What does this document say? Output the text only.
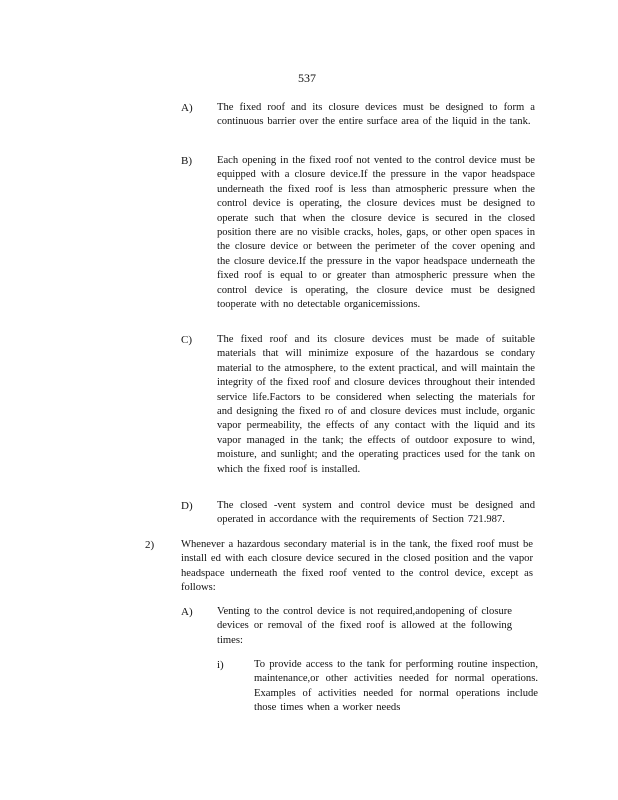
537
A) The fixed roof and its closure devices must be designed to form a continuous barrier over the entire surface area of the liquid in the tank.
B) Each opening in the fixed roof not vented to the control device must be equipped with a closure device.If the pressure in the vapor headspace underneath the fixed roof is less than atmospheric pressure when the control device is operating, the closure devices must be designed to operate such that when the closure device is secured in the closed position there are no visible cracks, holes, gaps, or other open spaces in the closure device or between the perimeter of the cover opening and the closure device.If the pressure in the vapor headspace underneath the fixed roof is equal to or greater than atmospheric pressure when the control device is operating, the closure device must be designed tooperate with no detectable organicemissions.
C) The fixed roof and its closure devices must be made of suitable materials that will minimize exposure of the hazardous se condary material to the atmosphere, to the extent practical, and will maintain the integrity of the fixed roof and closure devices throughout their intended service life.Factors to be considered when selecting the materials for and designing the fixed ro of and closure devices must include, organic vapor permeability, the effects of any contact with the liquid and its vapor managed in the tank; the effects of outdoor exposure to wind, moisture, and sunlight; and the operating practices used for the tank on which the fixed roof is installed.
D) The closed -vent system and control device must be designed and operated in accordance with the requirements of Section 721.987.
2)	Whenever a hazardous secondary material is in the tank, the fixed roof must be install ed with each closure device secured in the closed position and the vapor headspace underneath the fixed roof vented to the control device, except as follows:
A) Venting to the control device is not required,andopening of closure devices or removal of the fixed roof is allowed at the following times:
i)	To provide access to the tank for performing routine inspection, maintenance,or other activities needed for normal operations. Examples of activities needed for normal operations include those times when a worker needs
